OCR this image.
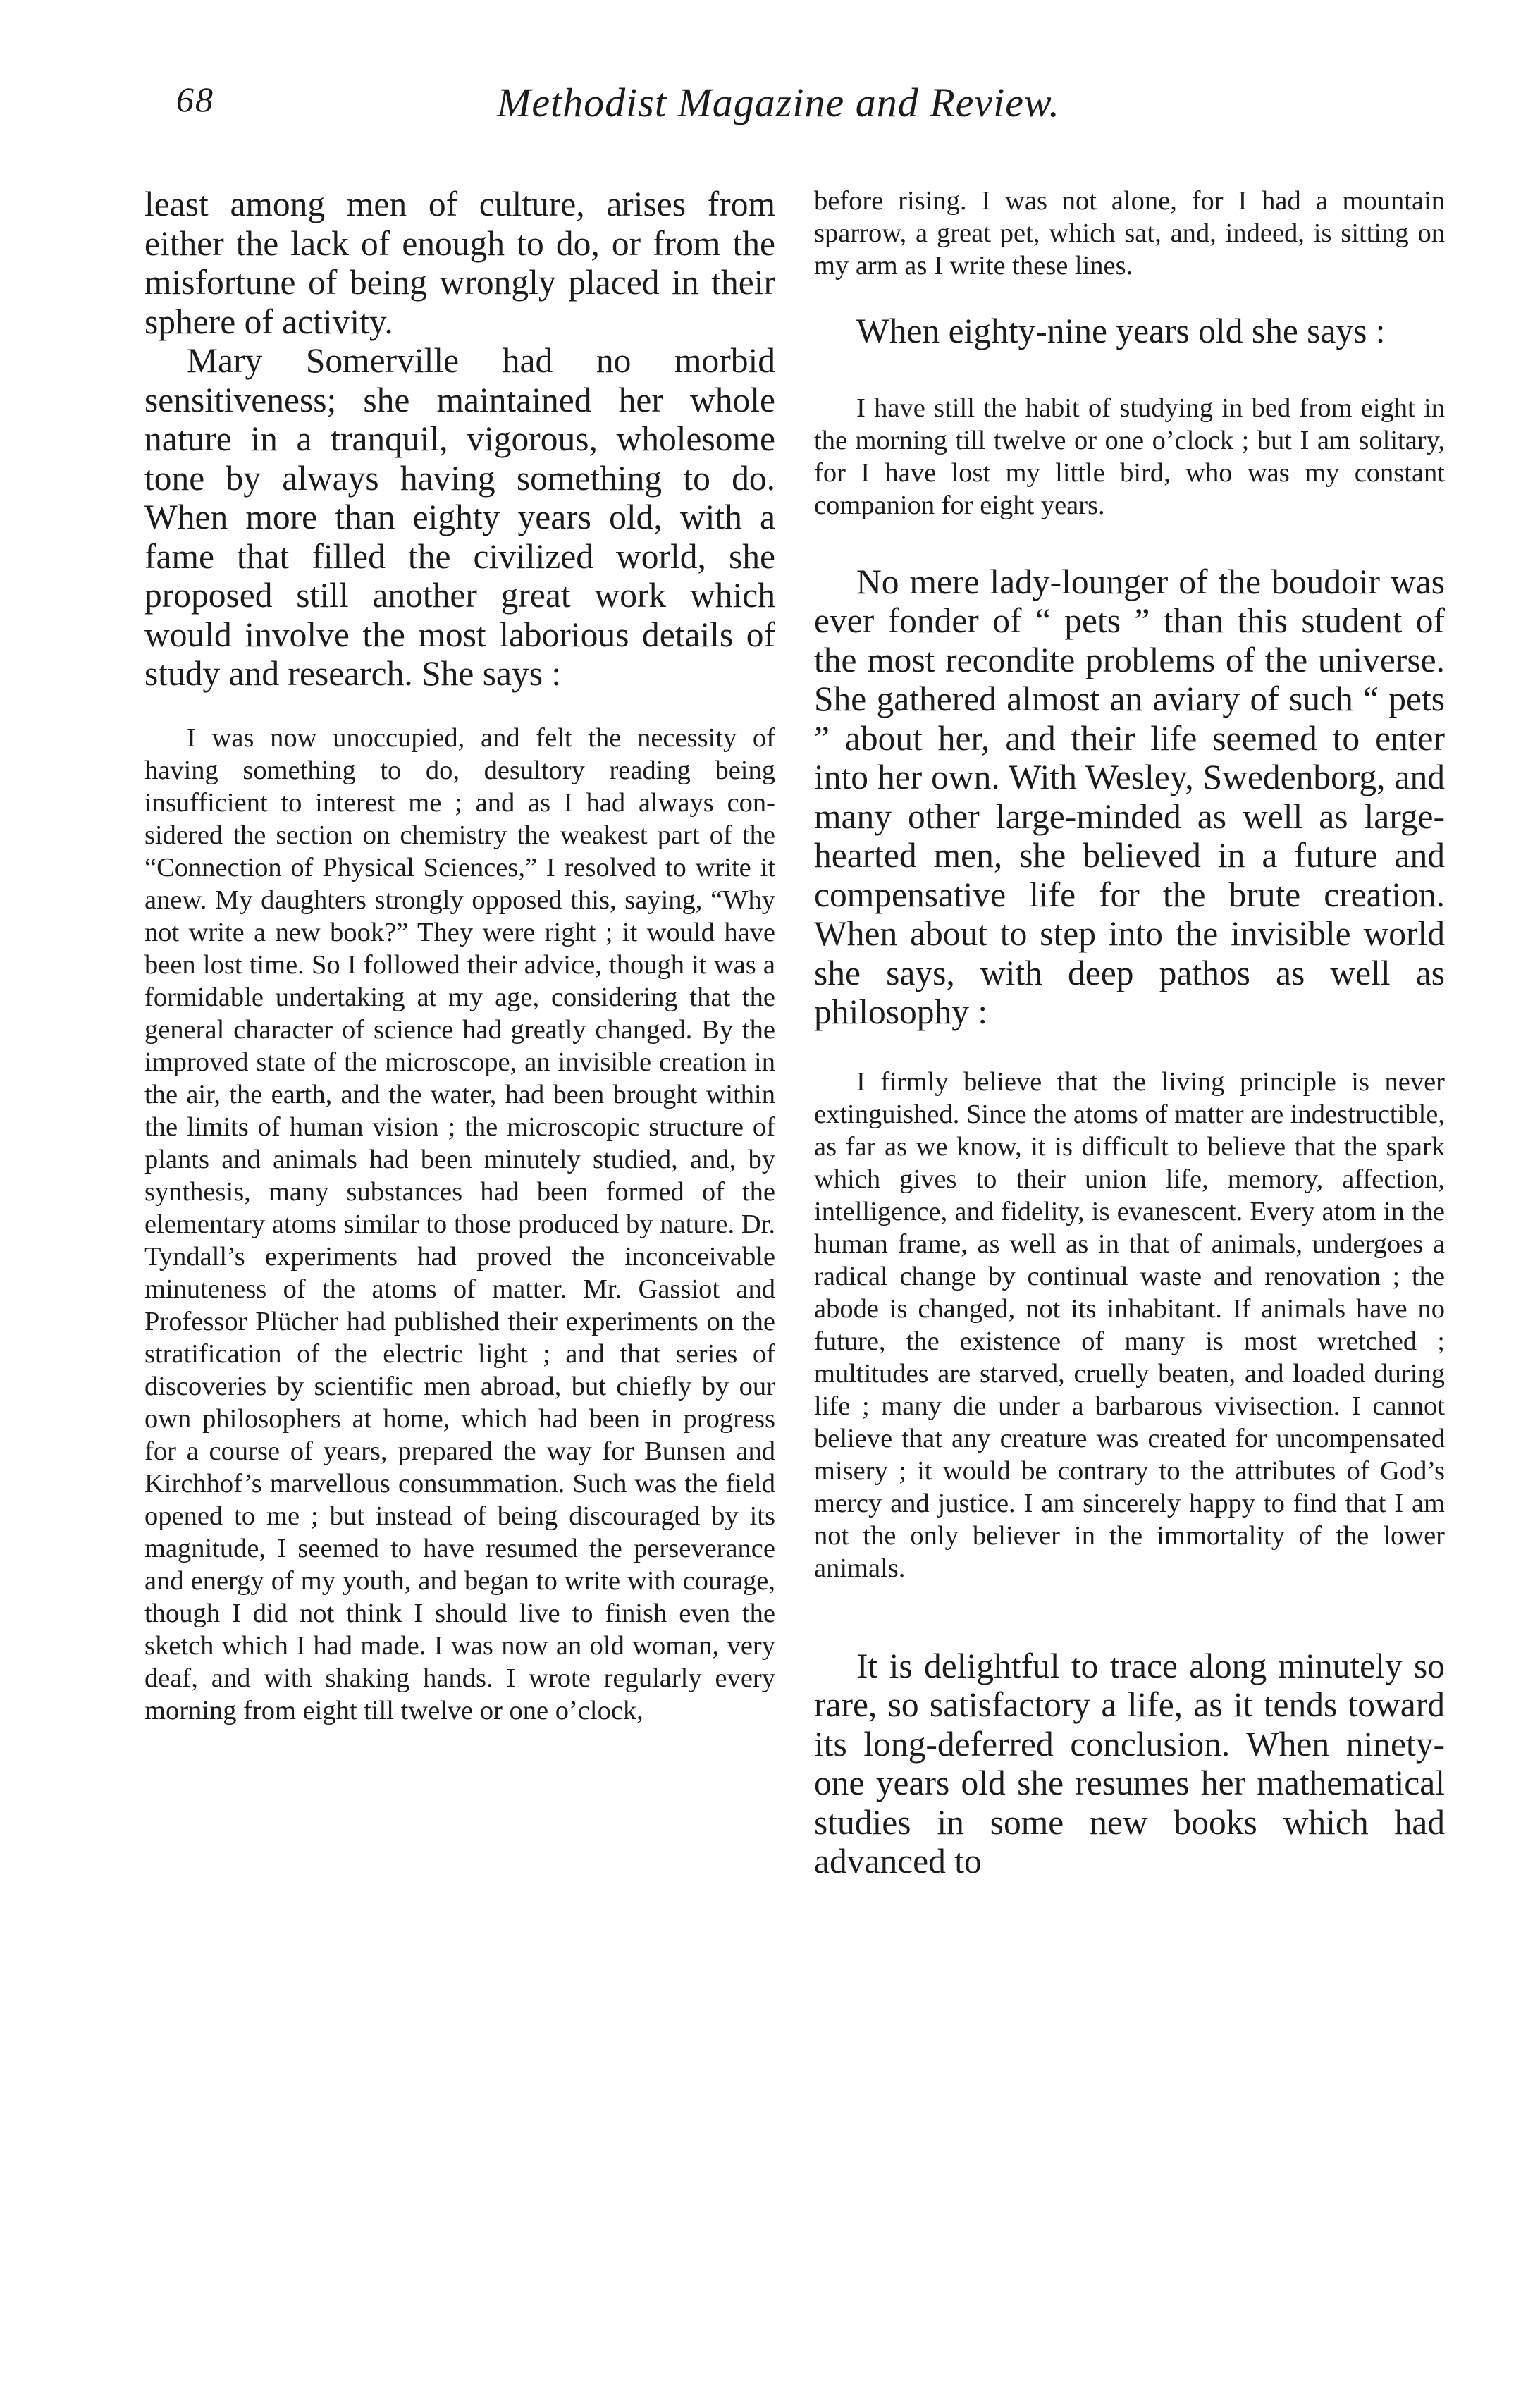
68	Methodist Magazine and Review.

least among men of culture, arises from either the lack of enough to do, or from the misfortune of being wrongly placed in their sphere of activity.

Mary Somerville had no morbid sensitiveness; she maintained her whole nature in a tranquil, vigorous, wholesome tone by always having something to do. When more than eighty years old, with a fame that filled the civilized world, she proposed still another great work which would involve the most laborious details of study and research. She says :

I was now unoccupied, and felt the necessity of having something to do, desultory reading being insufficient to interest me ; and as I had always considered the section on chemistry the weakest part of the “Connection of Physical Sciences,” I resolved to write it anew. My daughters strongly opposed this, saying, “Why not write a new book?” They were right ; it would have been lost time. So I followed their advice, though it was a formidable undertaking at my age, considering that the general character of science had greatly changed. By the improved state of the microscope, an invisible creation in the air, the earth, and the water, had been brought within the limits of human vision ; the microscopic structure of plants and animals had been minutely studied, and, by synthesis, many substances had been formed of the elementary atoms similar to those produced by nature. Dr. Tyndall’s experiments had proved the inconceivable minuteness of the atoms of matter. Mr. Gassiot and Professor Plücher had published their experiments on the stratification of the electric light ; and that series of discoveries by scientific men abroad, but chiefly by our own philosophers at home, which had been in progress for a course of years, prepared the way for Bunsen and Kirchhof’s marvellous consummation. Such was the field opened to me ; but instead of being discouraged by its magnitude, I seemed to have resumed the perseverance and energy of my youth, and began to write with courage, though I did not think I should live to finish even the sketch which I had made. I was now an old woman, very deaf, and with shaking hands. I wrote regularly every morning from eight till twelve or one o’clock,

before rising. I was not alone, for I had a mountain sparrow, a great pet, which sat, and, indeed, is sitting on my arm as I write these lines.

When eighty-nine years old she says :

I have still the habit of studying in bed from eight in the morning till twelve or one o’clock ; but I am solitary, for I have lost my little bird, who was my constant companion for eight years.

No mere lady-lounger of the boudoir was ever fonder of “ pets ” than this student of the most recondite problems of the universe. She gathered almost an aviary of such “ pets ” about her, and their life seemed to enter into her own. With Wesley, Swedenborg, and many other large-minded as well as large-hearted men, she believed in a future and compensative life for the brute creation. When about to step into the invisible world she says, with deep pathos as well as philosophy :

I firmly believe that the living principle is never extinguished. Since the atoms of matter are indestructible, as far as we know, it is difficult to believe that the spark which gives to their union life, memory, affection, intelligence, and fidelity, is evanescent. Every atom in the human frame, as well as in that of animals, undergoes a radical change by continual waste and renovation ; the abode is changed, not its inhabitant. If animals have no future, the existence of many is most wretched ; multitudes are starved, cruelly beaten, and loaded during life ; many die under a barbarous vivisection. I cannot believe that any creature was created for uncompensated misery ; it would be contrary to the attributes of God’s mercy and justice. I am sincerely happy to find that I am not the only believer in the immortality of the lower animals.

It is delightful to trace along minutely so rare, so satisfactory a life, as it tends toward its long-deferred conclusion. When ninety-one years old she resumes her mathematical studies in some new books which had advanced to
